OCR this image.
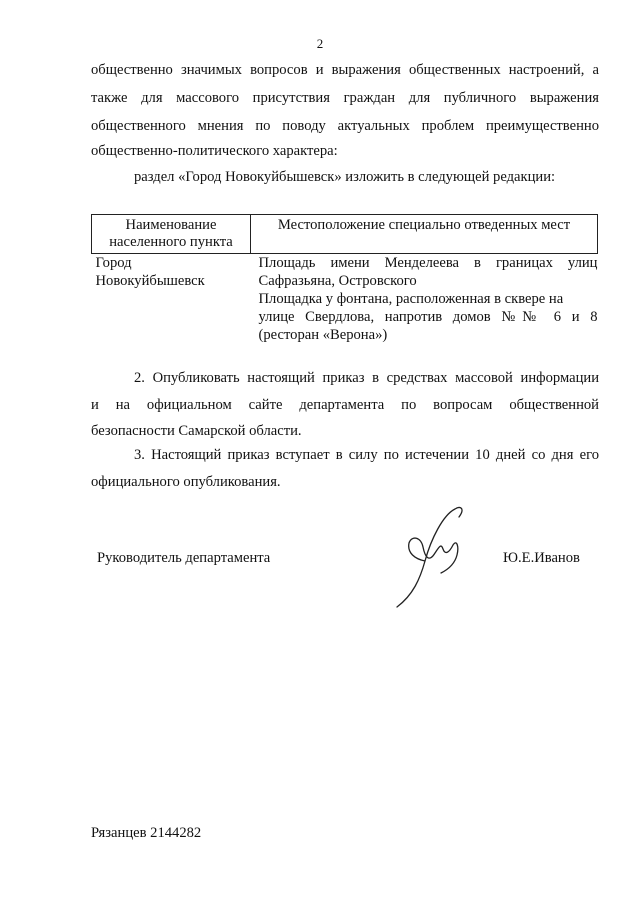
2
общественно значимых вопросов и выражения общественных настроений, а
также для массового присутствия граждан для публичного выражения
общественного мнения по поводу актуальных проблем преимущественно
общественно-политического характера:
раздел «Город Новокуйбышевск» изложить в следующей редакции:
Наименование
населенного пункта	Местоположение специально отведенных мест

Город
Новокуйбышевск	Площадь имени Менделеева в границах улиц
Сафразьяна, Островского
Площадка у фонтана, расположенная в сквере на
улице Свердлова, напротив домов №№ 6 и 8
(ресторан «Верона»)
2. Опубликовать настоящий приказ в средствах массовой информации
и на официальном сайте департамента по вопросам общественной
безопасности Самарской области.
3. Настоящий приказ вступает в силу по истечении 10 дней со дня его
официального опубликования.
Руководитель департамента	Ю.Е.Иванов
Рязанцев 2144282
